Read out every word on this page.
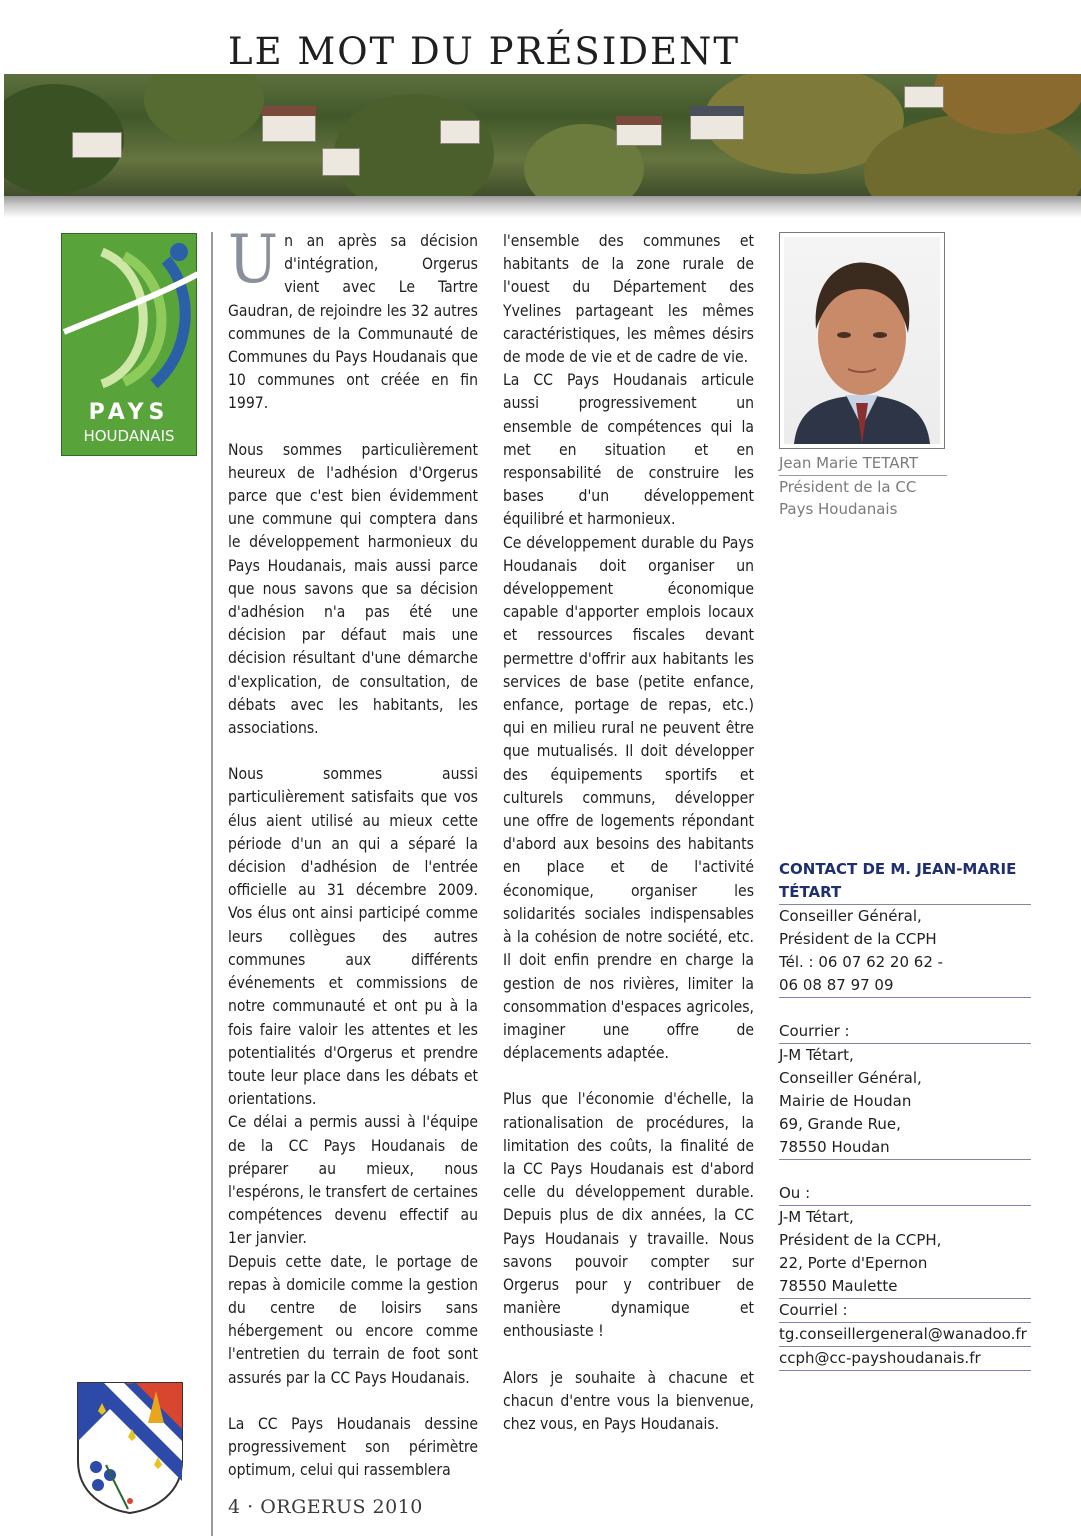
LE MOT DU PRÉSIDENT
PAYS
HOUDANAIS

Un an après sa décision d'intégration, Orgerus vient avec Le Tartre Gaudran, de rejoindre les 32 autres communes de la Communauté de Communes du Pays Houdanais que 10 communes ont créée en fin 1997.

Nous sommes particulièrement heureux de l'adhésion d'Orgerus parce que c'est bien évidemment une commune qui comptera dans le développement harmonieux du Pays Houdanais, mais aussi parce que nous savons que sa décision d'adhésion n'a pas été une décision par défaut mais une décision résultant d'une démarche d'explication, de consultation, de débats avec les habitants, les associations.

Nous sommes aussi particulièrement satisfaits que vos élus aient utilisé au mieux cette période d'un an qui a séparé la décision d'adhésion de l'entrée officielle au 31 décembre 2009. Vos élus ont ainsi participé comme leurs collègues des autres communes aux différents événements et commissions de notre communauté et ont pu à la fois faire valoir les attentes et les potentialités d'Orgerus et prendre toute leur place dans les débats et orientations.

Ce délai a permis aussi à l'équipe de la CC Pays Houdanais de préparer au mieux, nous l'espérons, le transfert de certaines compétences devenu effectif au 1er janvier.

Depuis cette date, le portage de repas à domicile comme la gestion du centre de loisirs sans hébergement ou encore comme l'entretien du terrain de foot sont assurés par la CC Pays Houdanais.

La CC Pays Houdanais dessine progressivement son périmètre optimum, celui qui rassemblera

l'ensemble des communes et habitants de la zone rurale de l'ouest du Département des Yvelines partageant les mêmes caractéristiques, les mêmes désirs de mode de vie et de cadre de vie.

La CC Pays Houdanais articule aussi progressivement un ensemble de compétences qui la met en situation et en responsabilité de construire les bases d'un développement équilibré et harmonieux.

Ce développement durable du Pays Houdanais doit organiser un développement économique capable d'apporter emplois locaux et ressources fiscales devant permettre d'offrir aux habitants les services de base (petite enfance, enfance, portage de repas, etc.) qui en milieu rural ne peuvent être que mutualisés. Il doit développer des équipements sportifs et culturels communs, développer une offre de logements répondant d'abord aux besoins des habitants en place et de l'activité économique, organiser les solidarités sociales indispensables à la cohésion de notre société, etc. Il doit enfin prendre en charge la gestion de nos rivières, limiter la consommation d'espaces agricoles, imaginer une offre de déplacements adaptée.

Plus que l'économie d'échelle, la rationalisation de procédures, la limitation des coûts, la finalité de la CC Pays Houdanais est d'abord celle du développement durable. Depuis plus de dix années, la CC Pays Houdanais y travaille. Nous savons pouvoir compter sur Orgerus pour y contribuer de manière dynamique et enthousiaste !

Alors je souhaite à chacune et chacun d'entre vous la bienvenue, chez vous, en Pays Houdanais.

Jean Marie TETART
Président de la CC Pays Houdanais
CONTACT DE M. JEAN-MARIE TÉTART
Conseiller Général,
Président de la CCPH
Tél. : 06 07 62 20 62 -
06 08 87 97 09
Courrier :
J-M Tétart,
Conseiller Général,
Mairie de Houdan
69, Grande Rue,
78550 Houdan
Ou :
J-M Tétart,
Président de la CCPH,
22, Porte d'Epernon
78550 Maulette
Courriel :
tg.conseillergeneral@wanadoo.fr
ccph@cc-payshoudanais.fr
4 · ORGERUS 2010
